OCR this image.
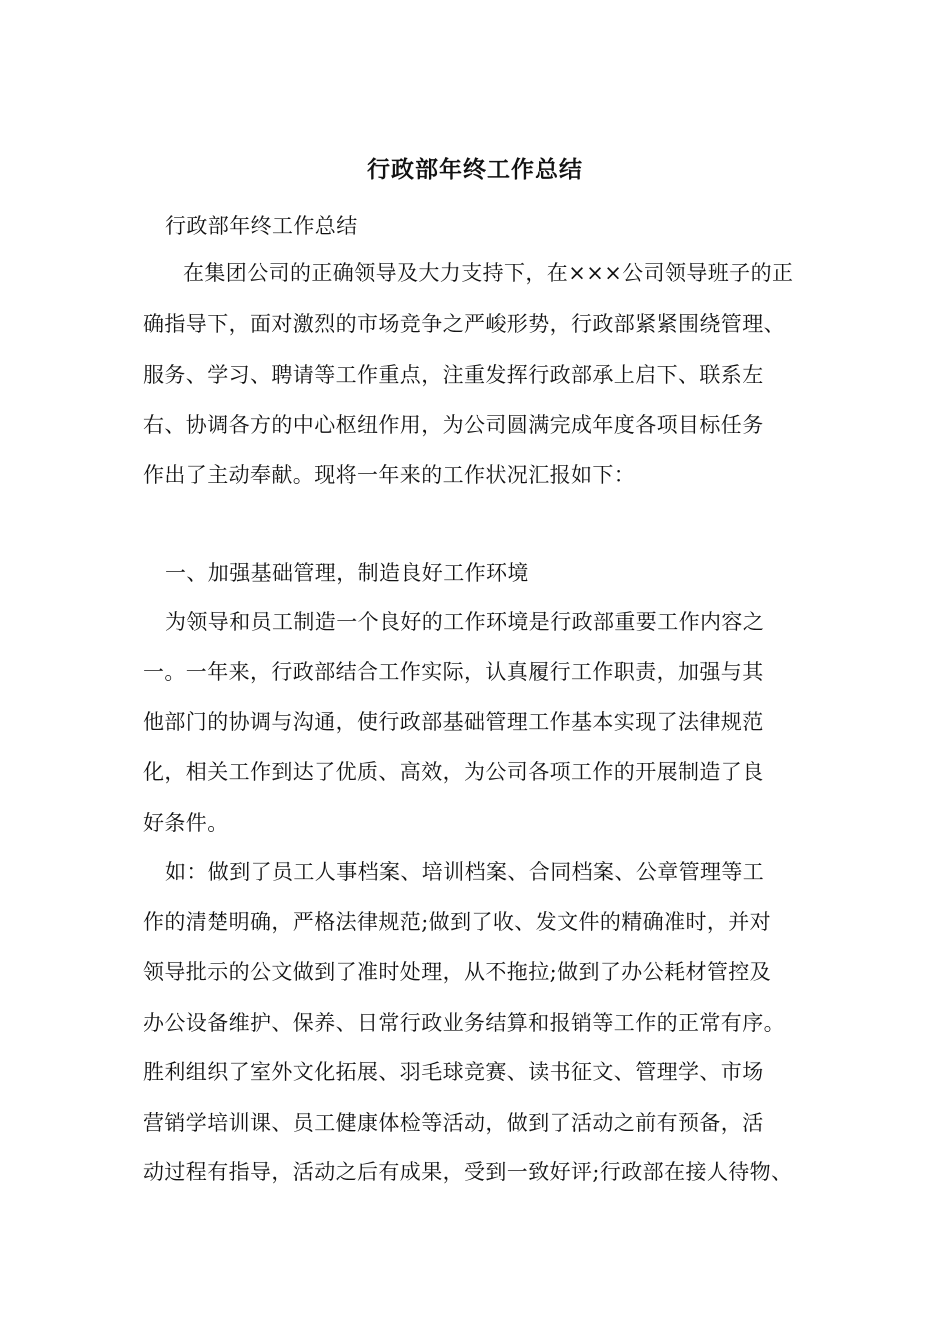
行政部年终工作总结
行政部年终工作总结
在集团公司的正确领导及大力支持下，在×××公司领导班子的正
确指导下，面对激烈的市场竞争之严峻形势，行政部紧紧围绕管理、
服务、学习、聘请等工作重点，注重发挥行政部承上启下、联系左
右、协调各方的中心枢纽作用，为公司圆满完成年度各项目标任务
作出了主动奉献。现将一年来的工作状况汇报如下：
一、加强基础管理，制造良好工作环境
为领导和员工制造一个良好的工作环境是行政部重要工作内容之
一。一年来，行政部结合工作实际，认真履行工作职责，加强与其
他部门的协调与沟通，使行政部基础管理工作基本实现了法律规范
化，相关工作到达了优质、高效，为公司各项工作的开展制造了良
好条件。
如：做到了员工人事档案、培训档案、合同档案、公章管理等工
作的清楚明确，严格法律规范;做到了收、发文件的精确准时，并对
领导批示的公文做到了准时处理，从不拖拉;做到了办公耗材管控及
办公设备维护、保养、日常行政业务结算和报销等工作的正常有序。
胜利组织了室外文化拓展、羽毛球竞赛、读书征文、管理学、市场
营销学培训课、员工健康体检等活动，做到了活动之前有预备，活
动过程有指导，活动之后有成果，受到一致好评;行政部在接人待物、
